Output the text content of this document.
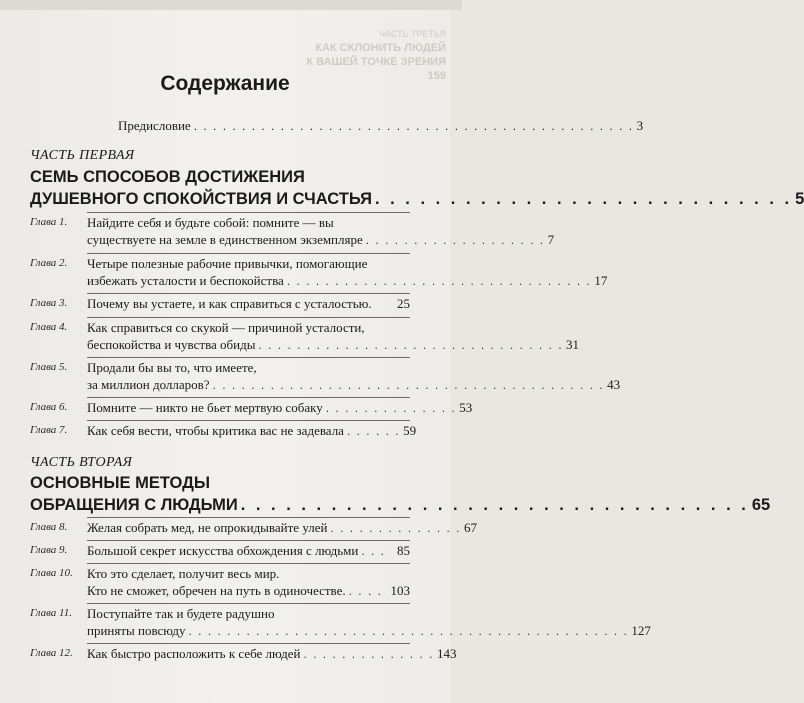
ЧАСТЬ ТРЕТЬЯ
КАК СКЛОНИТЬ ЛЮДЕЙ
К ВАШЕЙ ТОЧКЕ ЗРЕНИЯ
159
Содержание
Предисловие . . . . . . . . . . . . . . . . . . . . . . . . . . . . . . . . . . . . . . . . . . . . . . 3
ЧАСТЬ ПЕРВАЯ
СЕМЬ СПОСОБОВ ДОСТИЖЕНИЯ
ДУШЕВНОГО СПОКОЙСТВИЯ И СЧАСТЬЯ . . . . . . . . . . . . . . . . . . . . . . . . . . . . 5
Глава 1.	Найдите себя и будьте собой: помните — вы
существуете на земле в единственном экземпляре . . . . . . . . . . . . . . . . . . . 7
Глава 2.	Четыре полезные рабочие привычки, помогающие
избежать усталости и беспокойства . . . . . . . . . . . . . . . . . . . . . . . . . . . . . . . . 17
Глава 3.	Почему вы устаете, и как справиться с усталостью. 25
Глава 4.	Как справиться со скукой — причиной усталости,
беспокойства и чувства обиды . . . . . . . . . . . . . . . . . . . . . . . . . . . . . . . . 31
Глава 5.	Продали бы вы то, что имеете,
за миллион долларов? . . . . . . . . . . . . . . . . . . . . . . . . . . . . . . . . . . . . . . . . . 43
Глава 6.	Помните — никто не бьет мертвую собаку . . . . . . . . . . . . . . 53
Глава 7.	Как себя вести, чтобы критика вас не задевала . . . . . . 59
ЧАСТЬ ВТОРАЯ
ОСНОВНЫЕ МЕТОДЫ
ОБРАЩЕНИЯ С ЛЮДЬМИ . . . . . . . . . . . . . . . . . . . . . . . . . . . . . . . . . . 65
Глава 8.	Желая собрать мед, не опрокидывайте улей . . . . . . . . . . . . . . 67
Глава 9.	Большой секрет искусства обхождения с людьми . . . 85
Глава 10.	Кто это сделает, получит весь мир.
Кто не сможет, обречен на путь в одиночестве. . . . . 103
Глава 11.	Поступайте так и будете радушно
приняты повсюду . . . . . . . . . . . . . . . . . . . . . . . . . . . . . . . . . . . . . . . . . . . . . . 127
Глава 12.	Как быстро расположить к себе людей . . . . . . . . . . . . . . 143
